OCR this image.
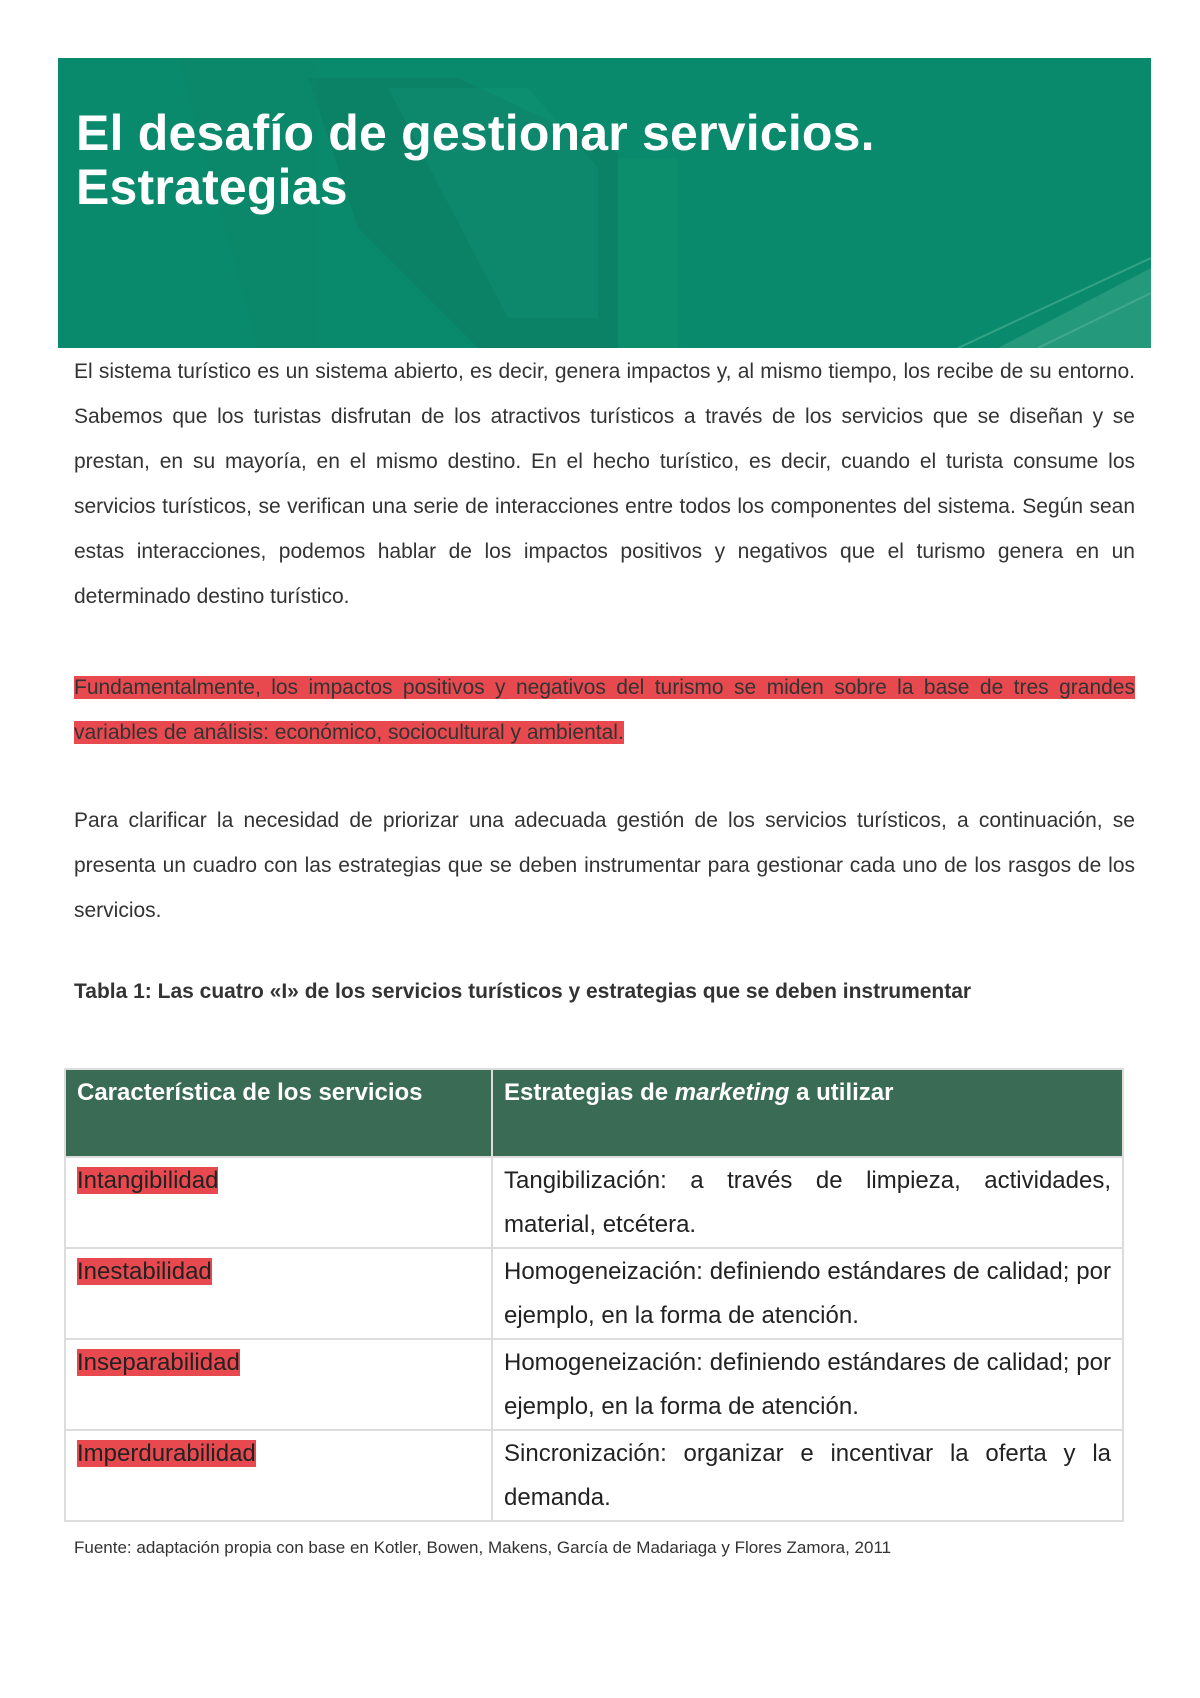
El desafío de gestionar servicios.
Estrategias

El sistema turístico es un sistema abierto, es decir, genera impactos y, al mismo tiempo, los recibe de su entorno. Sabemos que los turistas disfrutan de los atractivos turísticos a través de los servicios que se diseñan y se prestan, en su mayoría, en el mismo destino. En el hecho turístico, es decir, cuando el turista consume los servicios turísticos, se verifican una serie de interacciones entre todos los componentes del sistema. Según sean estas interacciones, podemos hablar de los impactos positivos y negativos que el turismo genera en un determinado destino turístico.

Fundamentalmente, los impactos positivos y negativos del turismo se miden sobre la base de tres grandes variables de análisis: económico, sociocultural y ambiental.

Para clarificar la necesidad de priorizar una adecuada gestión de los servicios turísticos, a continuación, se presenta un cuadro con las estrategias que se deben instrumentar para gestionar cada uno de los rasgos de los servicios.

Tabla 1: Las cuatro «I» de los servicios turísticos y estrategias que se deben instrumentar

Característica de los servicios	Estrategias de marketing a utilizar
Intangibilidad	Tangibilización: a través de limpieza, actividades, material, etcétera.
Inestabilidad	Homogeneización: definiendo estándares de calidad; por ejemplo, en la forma de atención.
Inseparabilidad	Homogeneización: definiendo estándares de calidad; por ejemplo, en la forma de atención.
Imperdurabilidad	Sincronización: organizar e incentivar la oferta y la demanda.

Fuente: adaptación propia con base en Kotler, Bowen, Makens, García de Madariaga y Flores Zamora, 2011
